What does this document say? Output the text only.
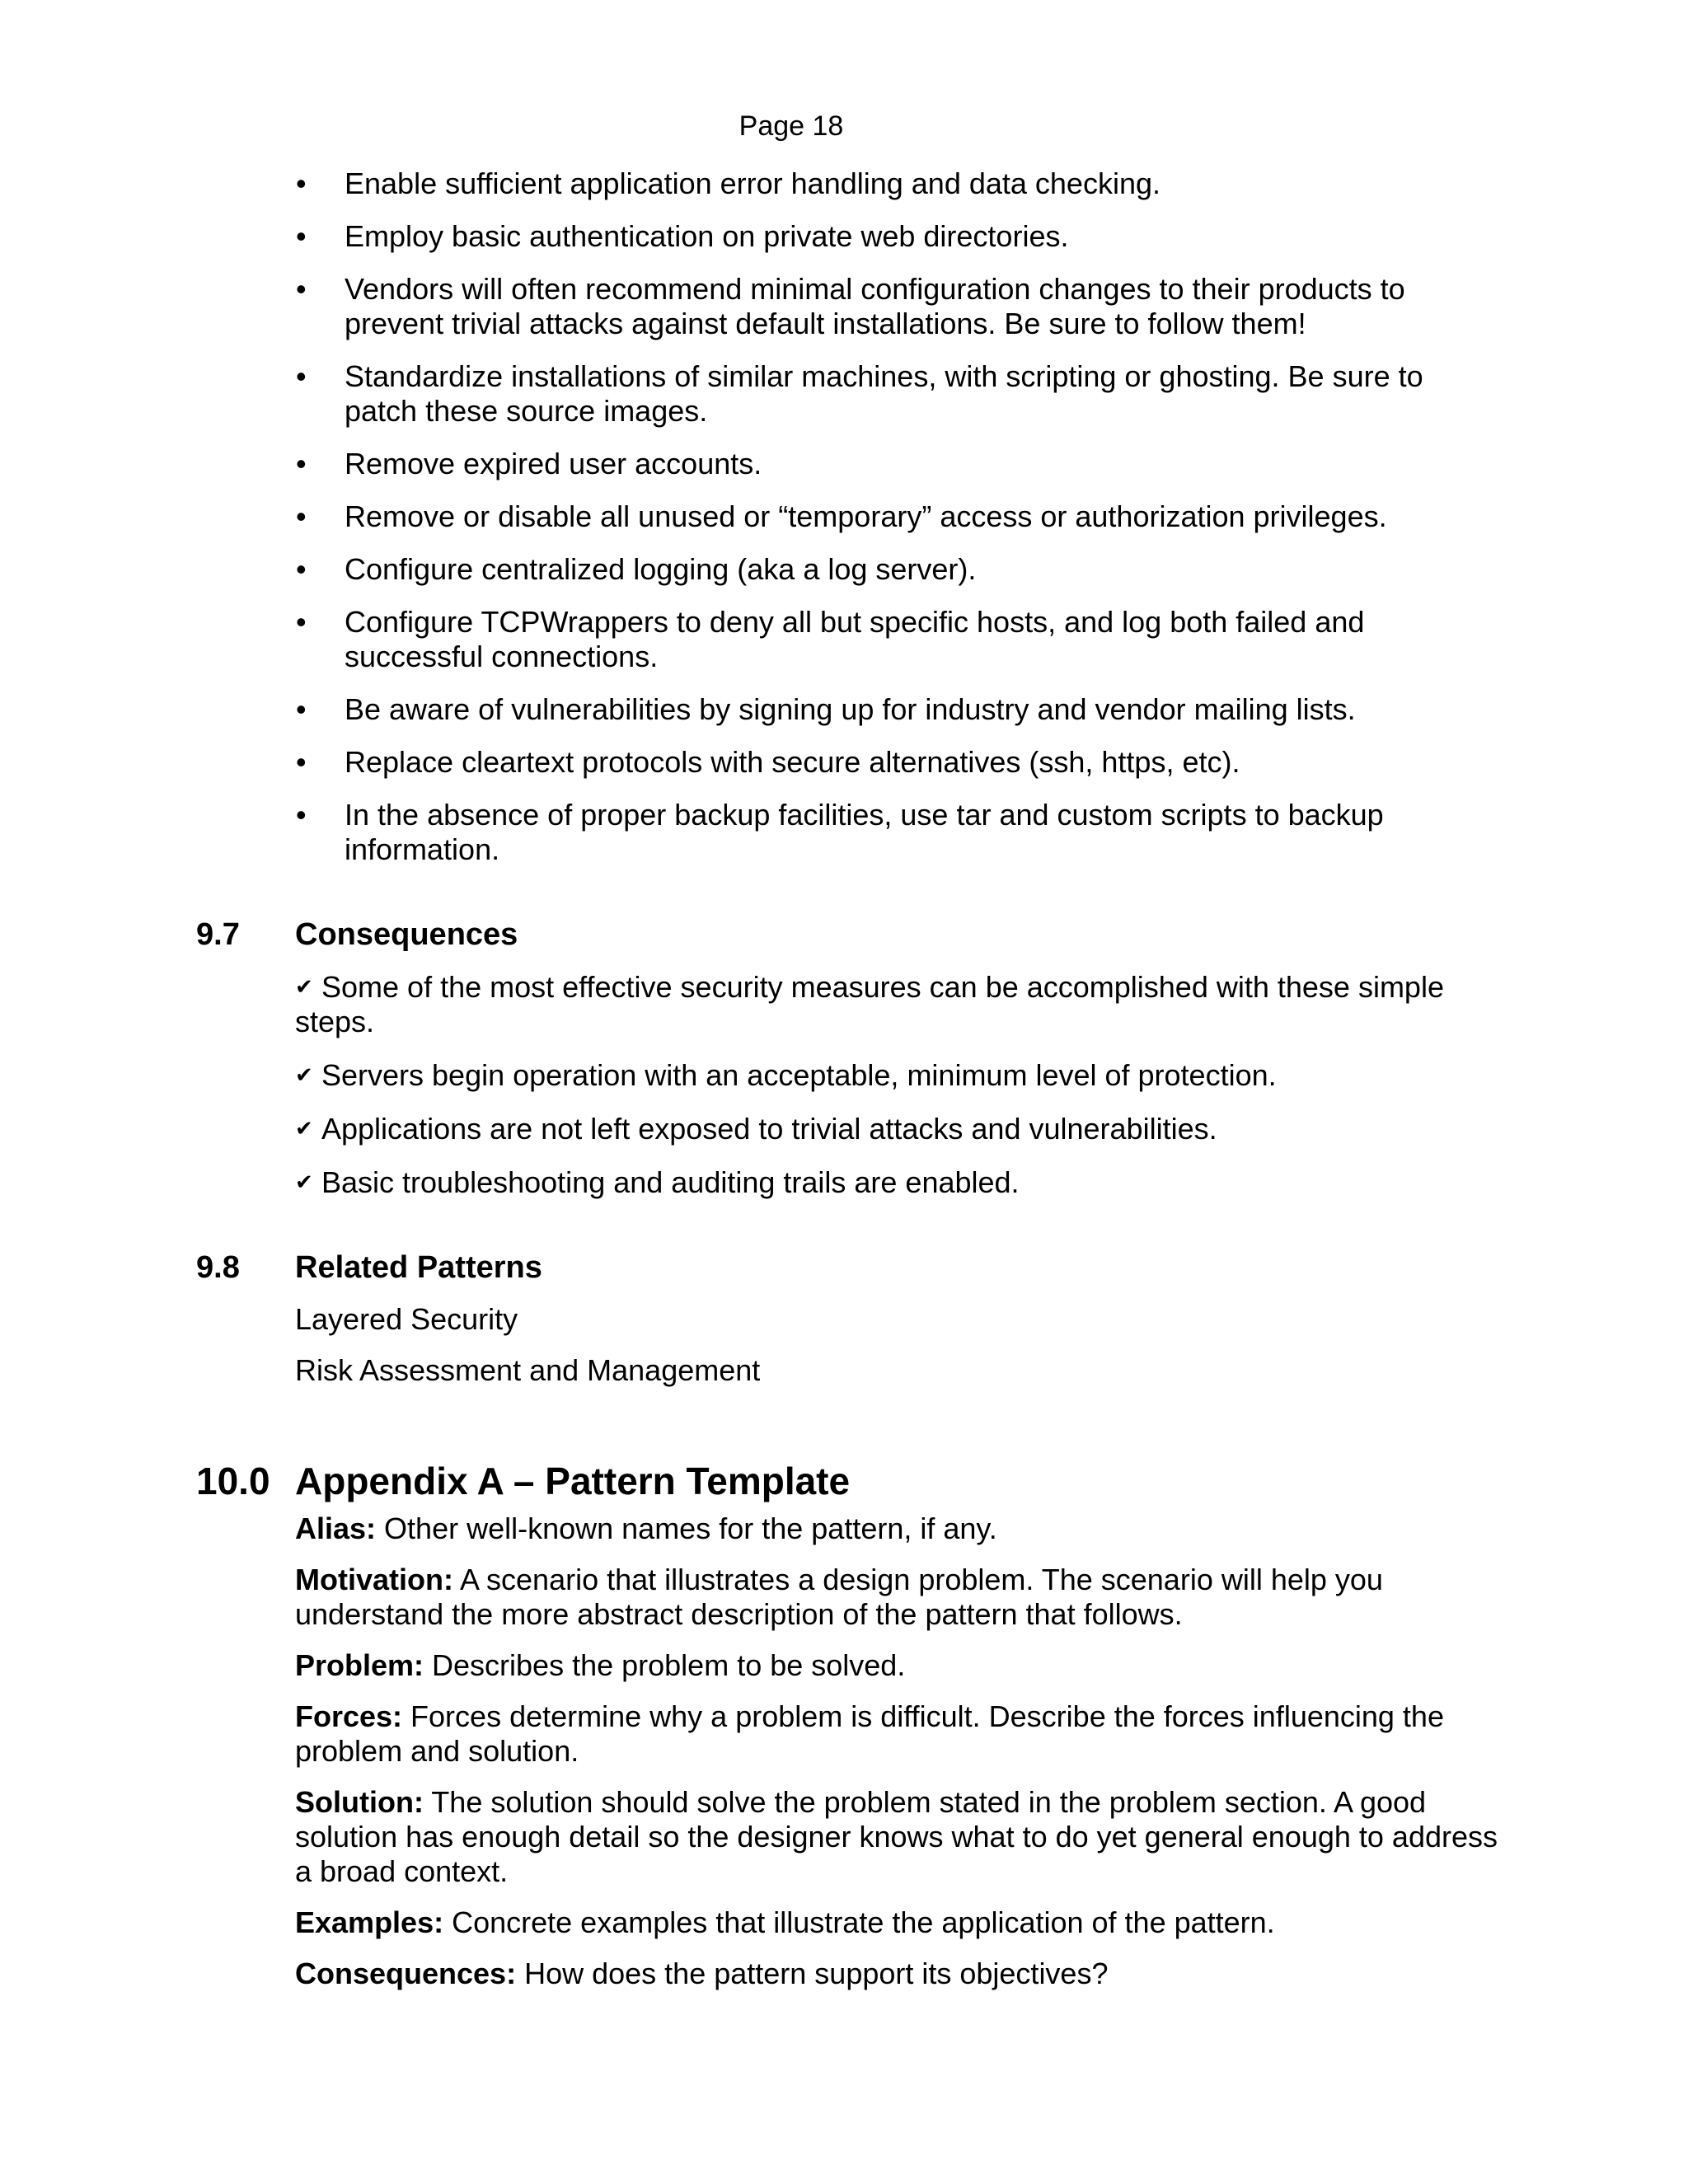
Page 18
• Enable sufficient application error handling and data checking.
• Employ basic authentication on private web directories.
• Vendors will often recommend minimal configuration changes to their products to prevent trivial attacks against default installations. Be sure to follow them!
• Standardize installations of similar machines, with scripting or ghosting. Be sure to patch these source images.
• Remove expired user accounts.
• Remove or disable all unused or “temporary” access or authorization privileges.
• Configure centralized logging (aka a log server).
• Configure TCPWrappers to deny all but specific hosts, and log both failed and successful connections.
• Be aware of vulnerabilities by signing up for industry and vendor mailing lists.
• Replace cleartext protocols with secure alternatives (ssh, https, etc).
• In the absence of proper backup facilities, use tar and custom scripts to backup information.
9.7 Consequences

✔ Some of the most effective security measures can be accomplished with these simple steps.

✔ Servers begin operation with an acceptable, minimum level of protection.

✔ Applications are not left exposed to trivial attacks and vulnerabilities.

✔ Basic troubleshooting and auditing trails are enabled.

9.8 Related Patterns

Layered Security

Risk Assessment and Management

10.0 Appendix A – Pattern Template

Alias: Other well-known names for the pattern, if any.

Motivation: A scenario that illustrates a design problem. The scenario will help you understand the more abstract description of the pattern that follows.

Problem: Describes the problem to be solved.

Forces: Forces determine why a problem is difficult. Describe the forces influencing the problem and solution.

Solution: The solution should solve the problem stated in the problem section. A good solution has enough detail so the designer knows what to do yet general enough to address a broad context.

Examples: Concrete examples that illustrate the application of the pattern.

Consequences: How does the pattern support its objectives?
